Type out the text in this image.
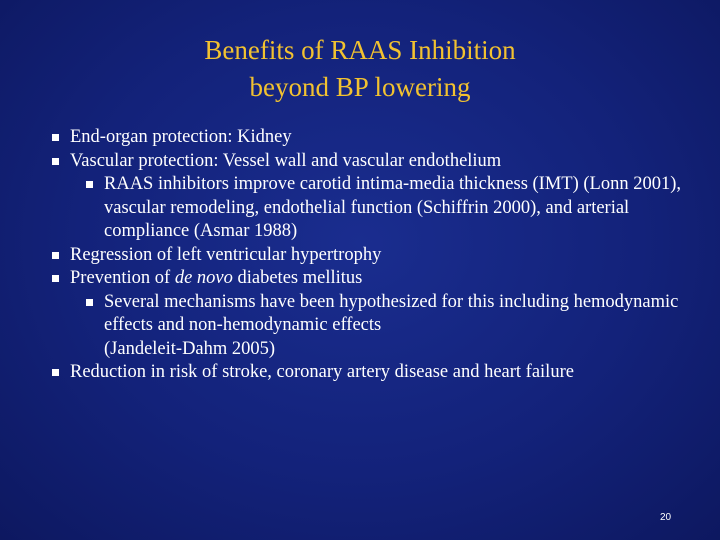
Benefits of RAAS Inhibition
beyond BP lowering
End-organ protection: Kidney
Vascular protection: Vessel wall and vascular endothelium
RAAS inhibitors improve carotid intima-media thickness (IMT) (Lonn 2001), vascular remodeling, endothelial function (Schiffrin 2000), and arterial compliance (Asmar 1988)
Regression of left ventricular hypertrophy
Prevention of de novo diabetes mellitus
Several mechanisms have been hypothesized for this including hemodynamic effects and non-hemodynamic effects
(Jandeleit-Dahm 2005)
Reduction in risk of stroke, coronary artery disease and heart failure
20
